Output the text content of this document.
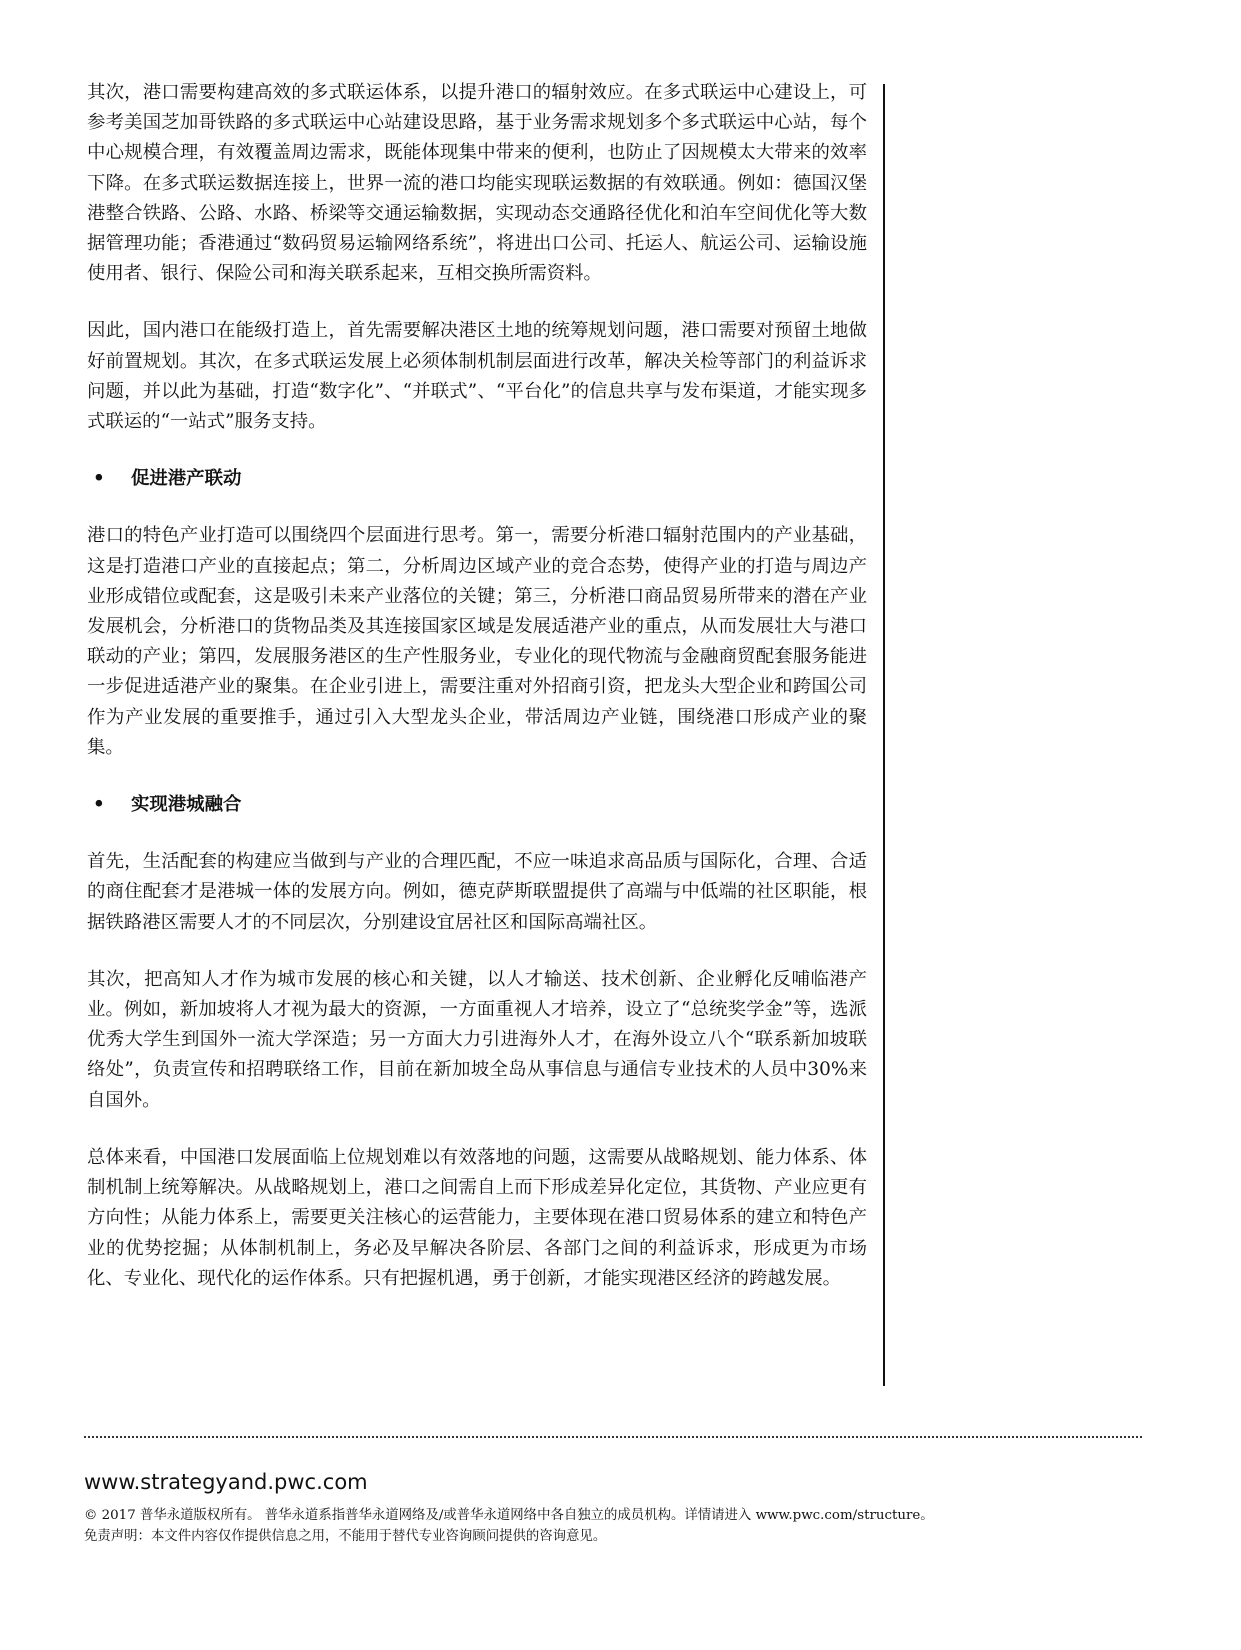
其次，港口需要构建高效的多式联运体系，以提升港口的辐射效应。在多式联运中心建设上，可参考美国芝加哥铁路的多式联运中心站建设思路，基于业务需求规划多个多式联运中心站，每个中心规模合理，有效覆盖周边需求，既能体现集中带来的便利，也防止了因规模太大带来的效率下降。在多式联运数据连接上，世界一流的港口均能实现联运数据的有效联通。例如：德国汉堡港整合铁路、公路、水路、桥梁等交通运输数据，实现动态交通路径优化和泊车空间优化等大数据管理功能；香港通过“数码贸易运输网络系统”，将进出口公司、托运人、航运公司、运输设施使用者、银行、保险公司和海关联系起来，互相交换所需资料。

因此，国内港口在能级打造上，首先需要解决港区土地的统筹规划问题，港口需要对预留土地做好前置规划。其次，在多式联运发展上必须体制机制层面进行改革，解决关检等部门的利益诉求问题，并以此为基础，打造“数字化”、“并联式”、“平台化”的信息共享与发布渠道，才能实现多式联运的“一站式”服务支持。

•	促进港产联动

港口的特色产业打造可以围绕四个层面进行思考。第一，需要分析港口辐射范围内的产业基础，这是打造港口产业的直接起点；第二，分析周边区域产业的竞合态势，使得产业的打造与周边产业形成错位或配套，这是吸引未来产业落位的关键；第三，分析港口商品贸易所带来的潜在产业发展机会，分析港口的货物品类及其连接国家区域是发展适港产业的重点，从而发展壮大与港口联动的产业；第四，发展服务港区的生产性服务业，专业化的现代物流与金融商贸配套服务能进一步促进适港产业的聚集。在企业引进上，需要注重对外招商引资，把龙头大型企业和跨国公司作为产业发展的重要推手，通过引入大型龙头企业，带活周边产业链，围绕港口形成产业的聚集。

•	实现港城融合

首先，生活配套的构建应当做到与产业的合理匹配，不应一味追求高品质与国际化，合理、合适的商住配套才是港城一体的发展方向。例如，德克萨斯联盟提供了高端与中低端的社区职能，根据铁路港区需要人才的不同层次，分别建设宜居社区和国际高端社区。

其次，把高知人才作为城市发展的核心和关键，以人才输送、技术创新、企业孵化反哺临港产业。例如，新加坡将人才视为最大的资源，一方面重视人才培养，设立了“总统奖学金”等，选派优秀大学生到国外一流大学深造；另一方面大力引进海外人才，在海外设立八个“联系新加坡联络处”，负责宣传和招聘联络工作，目前在新加坡全岛从事信息与通信专业技术的人员中30%来自国外。

总体来看，中国港口发展面临上位规划难以有效落地的问题，这需要从战略规划、能力体系、体制机制上统筹解决。从战略规划上，港口之间需自上而下形成差异化定位，其货物、产业应更有方向性；从能力体系上，需要更关注核心的运营能力，主要体现在港口贸易体系的建立和特色产业的优势挖掘；从体制机制上，务必及早解决各阶层、各部门之间的利益诉求，形成更为市场化、专业化、现代化的运作体系。只有把握机遇，勇于创新，才能实现港区经济的跨越发展。

www.strategyand.pwc.com
© 2017 普华永道版权所有。 普华永道系指普华永道网络及/或普华永道网络中各自独立的成员机构。详情请进入 www.pwc.com/structure。
免责声明：本文件内容仅作提供信息之用，不能用于替代专业咨询顾问提供的咨询意见。
